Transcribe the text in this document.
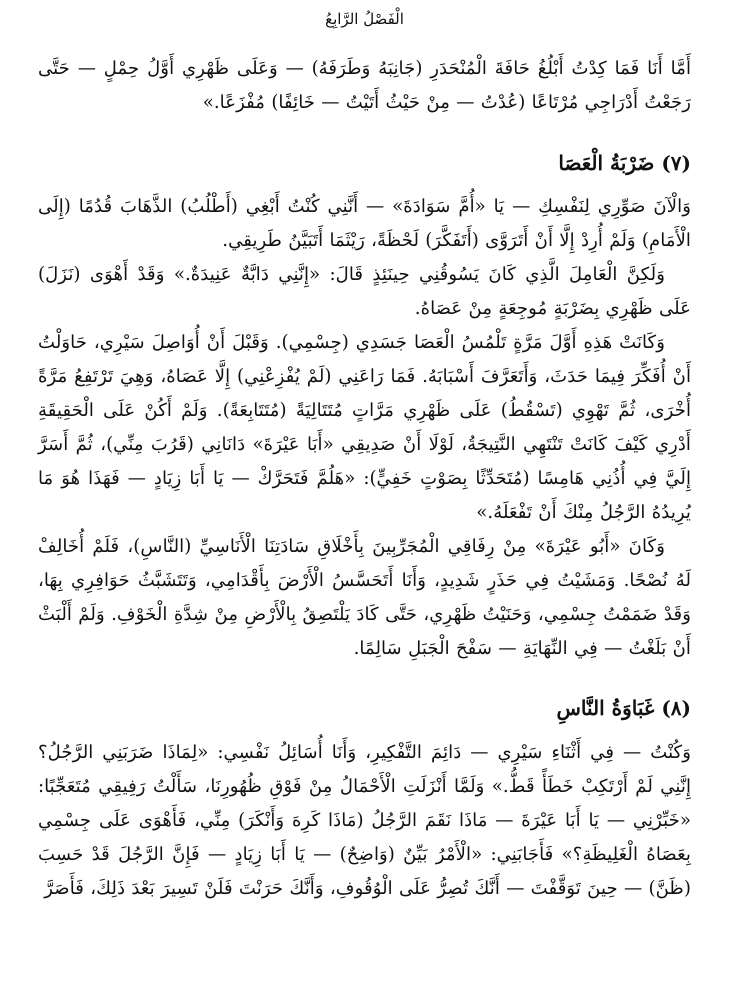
الْفَصْلُ الرَّابِعُ

أَمَّا أَنَا فَمَا كِدْتُ أَبْلُغُ حَافَةَ الْمُنْحَدَرِ (جَانِبَهُ وَطَرَفَهُ) — وَعَلَى ظَهْرِي أَوَّلُ حِمْلٍ — حَتَّى رَجَعْتُ أَدْرَاجِي مُرْتَاعًا (عُدْتُ — مِنْ حَيْثُ أَتَيْتُ — خَائِفًا) مُفْزَعًا.»

(٧) ضَرْبَةُ الْعَصَا

وَالْآنَ صَوِّرِي لِنَفْسِكِ — يَا «أُمَّ سَوَادَةَ» — أَنَّنِي كُنْتُ أَبْغِي (أَطْلُبُ) الذَّهَابَ قُدُمًا (إِلَى الْأَمَامِ) وَلَمْ أُرِدْ إِلَّا أَنْ أَتَرَوَّى (أَتَفَكَّرَ) لَحْظَةً، رَيْثَمَا أَتَبَيَّنُ طَرِيقِي.

وَلَكِنَّ الْعَامِلَ الَّذِي كَانَ يَسُوقُنِي حِينَئِذٍ قَالَ: «إِنَّنِي دَابَّةٌ عَنِيدَةٌ.» وَقَدْ أَهْوَى (نَزَلَ) عَلَى ظَهْرِي بِضَرْبَةٍ مُوجِعَةٍ مِنْ عَصَاهُ.

وَكَانَتْ هَذِهِ أَوَّلَ مَرَّةٍ تَلْمُسُ الْعَصَا جَسَدِي (جِسْمِي). وَقَبْلَ أَنْ أُوَاصِلَ سَيْرِي، حَاوَلْتُ أَنْ أُفَكِّرَ فِيمَا حَدَثَ، وَأَتَعَرَّفَ أَسْبَابَهُ. فَمَا رَاعَنِي (لَمْ يُفْزِعْنِي) إِلَّا عَصَاهُ، وَهِيَ تَرْتَفِعُ مَرَّةً أُخْرَى، ثُمَّ تَهْوِي (تَسْقُطُ) عَلَى ظَهْرِي مَرَّاتٍ مُتَتَالِيَةً (مُتَتَابِعَةً). وَلَمْ أَكُنْ عَلَى الْحَقِيقَةِ أَدْرِي كَيْفَ كَانَتْ تَنْتَهِي النَّتِيجَةُ، لَوْلَا أَنْ صَدِيقِي «أَبَا عَيْرَةَ» دَانَانِي (قَرُبَ مِنِّي)، ثُمَّ أَسَرَّ إِلَيَّ فِي أُذُنِي هَامِسًا (مُتَحَدِّثًا بِصَوْتٍ خَفِيٍّ): «هَلُمَّ فَتَحَرَّكْ — يَا أَبَا زِيَادٍ — فَهَذَا هُوَ مَا يُرِيدُهُ الرَّجُلُ مِنْكَ أَنْ تَفْعَلَهُ.»

وَكَانَ «أَبُو عَيْرَةَ» مِنْ رِفَاقِي الْمُجَرِّبِينَ بِأَخْلَاقِ سَادَتِنَا الْأَنَاسِيِّ (النَّاسِ)، فَلَمْ أُخَالِفْ لَهُ نُصْحًا. وَمَشَيْتُ فِي حَذَرٍ شَدِيدٍ، وَأَنَا أَتَحَسَّسُ الْأَرْضَ بِأَقْدَامِي، وَتَتَشَبَّثُ حَوَافِرِي بِهَا، وَقَدْ ضَمَمْتُ جِسْمِي، وَحَنَيْتُ ظَهْرِي، حَتَّى كَادَ يَلْتَصِقُ بِالْأَرْضِ مِنْ شِدَّةِ الْخَوْفِ. وَلَمْ أَلْبَثْ أَنْ بَلَغْتُ — فِي النِّهَايَةِ — سَفْحَ الْجَبَلِ سَالِمًا.

(٨) غَبَاوَةُ النَّاسِ

وَكُنْتُ — فِي أَثْنَاءِ سَيْرِي — دَائِمَ التَّفْكِيرِ، وَأَنَا أُسَائِلُ نَفْسِي: «لِمَاذَا ضَرَبَنِي الرَّجُلُ؟ إِنَّنِي لَمْ أَرْتَكِبْ خَطَأً قَطُّ.» وَلَمَّا أَنْزَلَتِ الْأَحْمَالُ مِنْ فَوْقِ ظُهُورِنَا، سَأَلْتُ رَفِيقِي مُتَعَجِّبًا: «خَبِّرْنِي — يَا أَبَا عَيْرَةَ — مَاذَا نَقَمَ الرَّجُلُ (مَاذَا كَرِهَ وَأَنْكَرَ) مِنِّي، فَأَهْوَى عَلَى جِسْمِي بِعَصَاهُ الْغَلِيظَةِ؟» فَأَجَابَنِي: «الْأَمْرُ بَيِّنٌ (وَاضِحٌ) — يَا أَبَا زِيَادٍ — فَإِنَّ الرَّجُلَ قَدْ حَسِبَ (ظَنَّ) — حِينَ تَوَقَّفْتَ — أَنَّكَ تُصِرُّ عَلَى الْوُقُوفِ، وَأَنَّكَ حَرَنْتَ فَلَنْ تَسِيرَ بَعْدَ ذَلِكَ، فَأَصَرَّ
